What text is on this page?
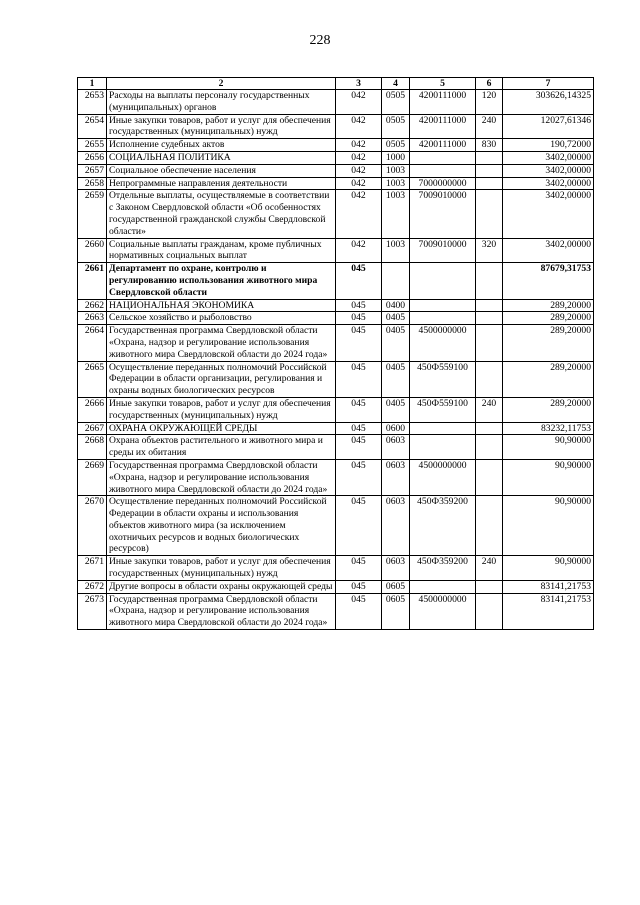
228
1	2	3	4	5	6	7
2653	Расходы на выплаты персоналу государственных (муниципальных) органов	042	0505	4200111000	120	303626,14325
2654	Иные закупки товаров, работ и услуг для обеспечения государственных (муниципальных) нужд	042	0505	4200111000	240	12027,61346
2655	Исполнение судебных актов	042	0505	4200111000	830	190,72000
2656	СОЦИАЛЬНАЯ ПОЛИТИКА	042	1000			3402,00000
2657	Социальное обеспечение населения	042	1003			3402,00000
2658	Непрограммные направления деятельности	042	1003	7000000000		3402,00000
2659	Отдельные выплаты, осуществляемые в соответствии с Законом Свердловской области «Об особенностях государственной гражданской службы Свердловской области»	042	1003	7009010000		3402,00000
2660	Социальные выплаты гражданам, кроме публичных нормативных социальных выплат	042	1003	7009010000	320	3402,00000
2661	Департамент по охране, контролю и регулированию использования животного мира Свердловской области	045				87679,31753
2662	НАЦИОНАЛЬНАЯ ЭКОНОМИКА	045	0400			289,20000
2663	Сельское хозяйство и рыболовство	045	0405			289,20000
2664	Государственная программа Свердловской области «Охрана, надзор и регулирование использования животного мира Свердловской области до 2024 года»	045	0405	4500000000		289,20000
2665	Осуществление переданных полномочий Российской Федерации в области организации, регулирования и охраны водных биологических ресурсов	045	0405	450Ф559100		289,20000
2666	Иные закупки товаров, работ и услуг для обеспечения государственных (муниципальных) нужд	045	0405	450Ф559100	240	289,20000
2667	ОХРАНА ОКРУЖАЮЩЕЙ СРЕДЫ	045	0600			83232,11753
2668	Охрана объектов растительного и животного мира и среды их обитания	045	0603			90,90000
2669	Государственная программа Свердловской области «Охрана, надзор и регулирование использования животного мира Свердловской области до 2024 года»	045	0603	4500000000		90,90000
2670	Осуществление переданных полномочий Российской Федерации в области охраны и использования объектов животного мира (за исключением охотничьих ресурсов и водных биологических ресурсов)	045	0603	450Ф359200		90,90000
2671	Иные закупки товаров, работ и услуг для обеспечения государственных (муниципальных) нужд	045	0603	450Ф359200	240	90,90000
2672	Другие вопросы в области охраны окружающей среды	045	0605			83141,21753
2673	Государственная программа Свердловской области «Охрана, надзор и регулирование использования животного мира Свердловской области до 2024 года»	045	0605	4500000000		83141,21753
